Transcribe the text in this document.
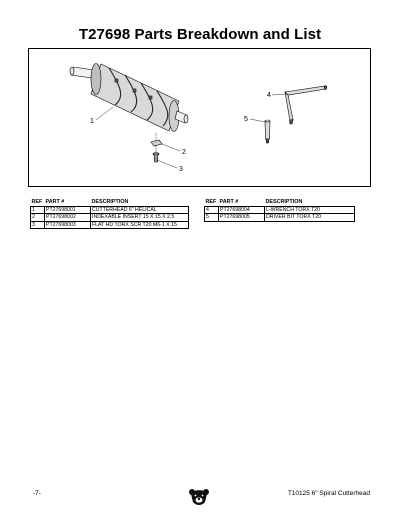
T27698 Parts Breakdown and List
1
2
3
4
5
REF	PART #	DESCRIPTION
1	PT27698001	CUTTERHEAD 6" HELICAL
2	PT27698002	INDEXABLE INSERT 15 X 15 X 2.5
3	PT27698003	FLAT HD TORX SCR T20 M6-1 X 15
REF	PART #	DESCRIPTION
4	PT27698004	L-WRENCH TORX T20
5	PT27698005	DRIVER BIT TORX T20
-7-	T10125 6" Spiral Cutterhead
